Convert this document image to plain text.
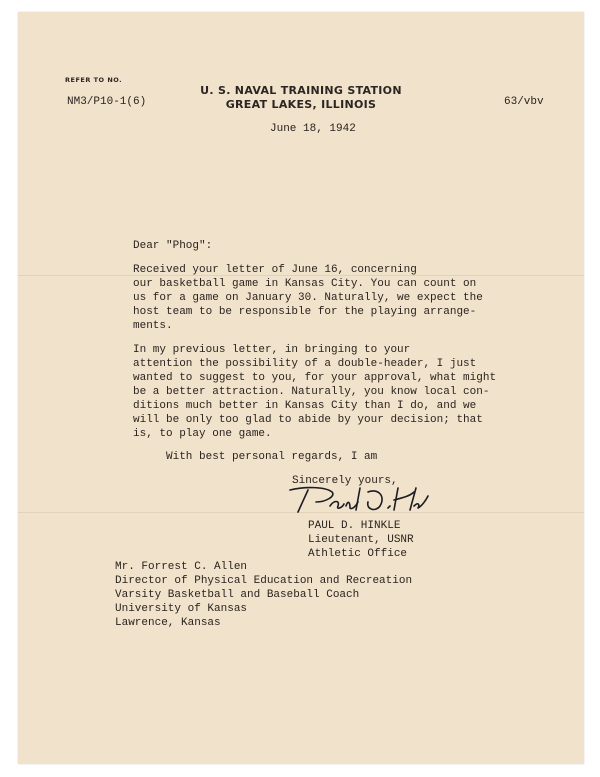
REFER TO NO.
U. S. NAVAL TRAINING STATION
GREAT LAKES, ILLINOIS
NM3/P10-1(6)	63/vbv
June 18, 1942
Dear "Phog":
Received your letter of June 16, concerning
our basketball game in Kansas City. You can count on
us for a game on January 30. Naturally, we expect the
host team to be responsible for the playing arrange-
ments.
In my previous letter, in bringing to your
attention the possibility of a double-header, I just
wanted to suggest to you, for your approval, what might
be a better attraction. Naturally, you know local con-
ditions much better in Kansas City than I do, and we
will be only too glad to abide by your decision; that
is, to play one game.
With best personal regards, I am
Sincerely yours,
PAUL D. HINKLE
Lieutenant, USNR
Athletic Office
Mr. Forrest C. Allen
Director of Physical Education and Recreation
Varsity Basketball and Baseball Coach
University of Kansas
Lawrence, Kansas
